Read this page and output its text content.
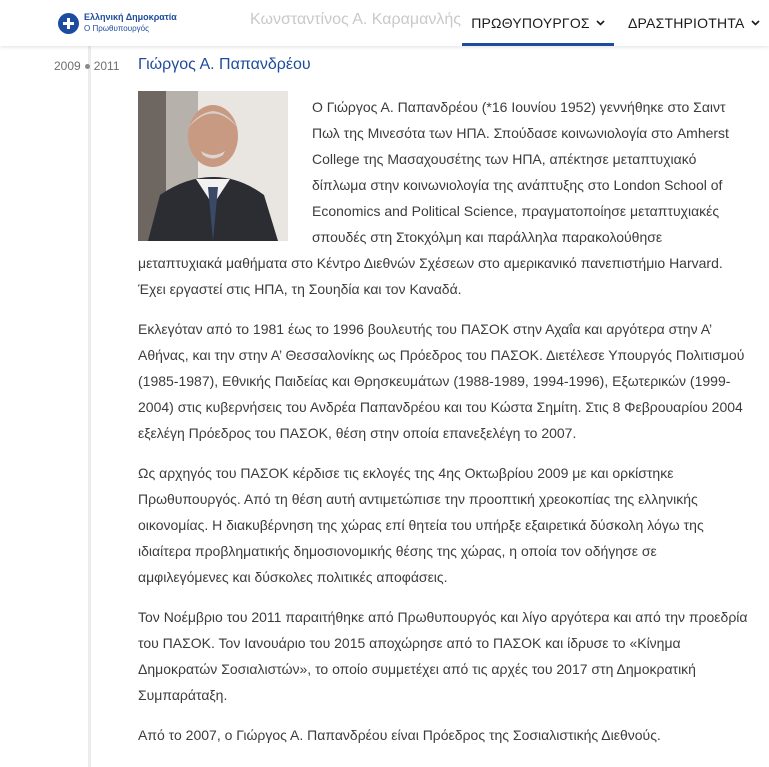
Κωνσταντίνος Α. Καραμανλής
Ελληνική Δημοκρατία
Ο Πρωθυπουργός	ΠΡΩΘΥΠΟΥΡΓΟΣ	ΔΡΑΣΤΗΡΙΟΤΗΤΑ
2009 2011 Γιώργος Α. Παπανδρέου

Ο Γιώργος Α. Παπανδρέου (*16 Ιουνίου 1952) γεννήθηκε στο Σαιντ Πωλ της Μινεσότα των ΗΠΑ. Σπούδασε κοινωνιολογία στο Amherst College της Μασαχουσέτης των ΗΠΑ, απέκτησε μεταπτυχιακό δίπλωμα στην κοινωνιολογία της ανάπτυξης στο London School of Economics and Political Science, πραγματοποίησε μεταπτυχιακές σπουδές στη Στοκχόλμη και παράλληλα παρακολούθησε μεταπτυχιακά μαθήματα στο Κέντρο Διεθνών Σχέσεων στο αμερικανικό πανεπιστήμιο Harvard. Έχει εργαστεί στις ΗΠΑ, τη Σουηδία και τον Καναδά.

Εκλεγόταν από το 1981 έως το 1996 βουλευτής του ΠΑΣΟΚ στην Αχαΐα και αργότερα στην Α’ Αθήνας, και την στην Α’ Θεσσαλονίκης ως Πρόεδρος του ΠΑΣΟΚ. Διετέλεσε Υπουργός Πολιτισμού (1985-1987), Εθνικής Παιδείας και Θρησκευμάτων (1988-1989, 1994-1996), Εξωτερικών (1999-2004) στις κυβερνήσεις του Ανδρέα Παπανδρέου και του Κώστα Σημίτη. Στις 8 Φεβρουαρίου 2004 εξελέγη Πρόεδρος του ΠΑΣΟΚ, θέση στην οποία επανεξελέγη το 2007.

Ως αρχηγός του ΠΑΣΟΚ κέρδισε τις εκλογές της 4ης Οκτωβρίου 2009 με και ορκίστηκε Πρωθυπουργός. Από τη θέση αυτή αντιμετώπισε την προοπτική χρεοκοπίας της ελληνικής οικονομίας. Η διακυβέρνηση της χώρας επί θητεία του υπήρξε εξαιρετικά δύσκολη λόγω της ιδιαίτερα προβληματικής δημοσιονομικής θέσης της χώρας, η οποία τον οδήγησε σε αμφιλεγόμενες και δύσκολες πολιτικές αποφάσεις.

Τον Νοέμβριο του 2011 παραιτήθηκε από Πρωθυπουργός και λίγο αργότερα και από την προεδρία του ΠΑΣΟΚ. Τον Ιανουάριο του 2015 αποχώρησε από το ΠΑΣΟΚ και ίδρυσε το «Κίνημα Δημοκρατών Σοσιαλιστών», το οποίο συμμετέχει από τις αρχές του 2017 στη Δημοκρατική Συμπαράταξη.

Από το 2007, ο Γιώργος Α. Παπανδρέου είναι Πρόεδρος της Σοσιαλιστικής Διεθνούς.
